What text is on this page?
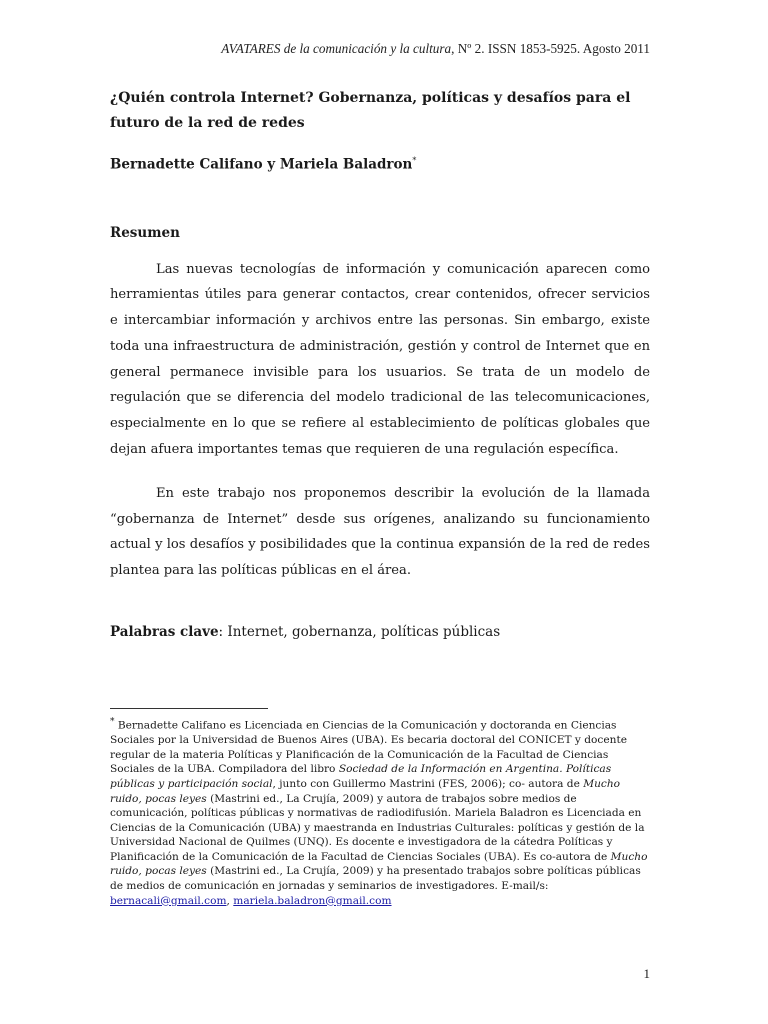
AVATARES de la comunicación y la cultura, Nº 2. ISSN 1853-5925. Agosto 2011
¿Quién controla Internet? Gobernanza, políticas y desafíos para el futuro de la red de redes
Bernadette Califano y Mariela Baladron*
Resumen

Las nuevas tecnologías de información y comunicación aparecen como herramientas útiles para generar contactos, crear contenidos, ofrecer servicios e intercambiar información y archivos entre las personas. Sin embargo, existe toda una infraestructura de administración, gestión y control de Internet que en general permanece invisible para los usuarios. Se trata de un modelo de regulación que se diferencia del modelo tradicional de las telecomunicaciones, especialmente en lo que se refiere al establecimiento de políticas globales que dejan afuera importantes temas que requieren de una regulación específica.

En este trabajo nos proponemos describir la evolución de la llamada “gobernanza de Internet” desde sus orígenes, analizando su funcionamiento actual y los desafíos y posibilidades que la continua expansión de la red de redes plantea para las políticas públicas en el área.

Palabras clave: Internet, gobernanza, políticas públicas
* Bernadette Califano es Licenciada en Ciencias de la Comunicación y doctoranda en Ciencias Sociales por la Universidad de Buenos Aires (UBA). Es becaria doctoral del CONICET y docente regular de la materia Políticas y Planificación de la Comunicación de la Facultad de Ciencias Sociales de la UBA. Compiladora del libro Sociedad de la Información en Argentina. Políticas públicas y participación social, junto con Guillermo Mastrini (FES, 2006); co- autora de Mucho ruido, pocas leyes (Mastrini ed., La Crujía, 2009) y autora de trabajos sobre medios de comunicación, políticas públicas y normativas de radiodifusión. Mariela Baladron es Licenciada en Ciencias de la Comunicación (UBA) y maestranda en Industrias Culturales: políticas y gestión de la Universidad Nacional de Quilmes (UNQ). Es docente e investigadora de la cátedra Políticas y Planificación de la Comunicación de la Facultad de Ciencias Sociales (UBA). Es co-autora de Mucho ruido, pocas leyes (Mastrini ed., La Crujía, 2009) y ha presentado trabajos sobre políticas públicas de medios de comunicación en jornadas y seminarios de investigadores. E-mail/s: bernacali@gmail.com, mariela.baladron@gmail.com
1
